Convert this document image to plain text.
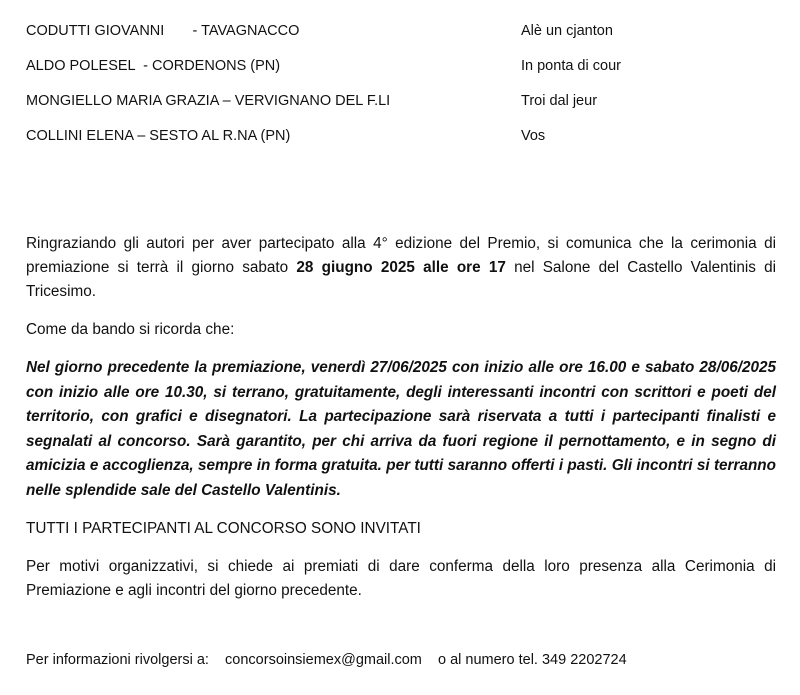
CODUTTI GIOVANNI       - TAVAGNACCO	Alè un cjanton
ALDO POLESEL  - CORDENONS (PN)	In ponta di cour
MONGIELLO MARIA GRAZIA – VERVIGNANO DEL F.LI	Troi dal jeur
COLLINI ELENA – SESTO AL R.NA (PN)	Vos

Ringraziando gli autori per aver partecipato alla 4° edizione del Premio, si comunica che la cerimonia di premiazione si terrà il giorno sabato 28 giugno 2025 alle ore 17 nel Salone del Castello Valentinis di Tricesimo.

Come da bando si ricorda che:

Nel giorno precedente la premiazione, venerdì 27/06/2025 con inizio alle ore 16.00 e sabato 28/06/2025 con inizio alle ore 10.30, si terrano, gratuitamente, degli interessanti incontri con scrittori e poeti del territorio, con grafici e disegnatori. La partecipazione sarà riservata a tutti i partecipanti finalisti e segnalati al concorso. Sarà garantito, per chi arriva da fuori regione il pernottamento, e in segno di amicizia e accoglienza, sempre in forma gratuita. per tutti saranno offerti i pasti. Gli incontri si terranno nelle splendide sale del Castello Valentinis.

TUTTI I PARTECIPANTI AL CONCORSO SONO INVITATI

Per motivi organizzativi, si chiede ai premiati di dare conferma della loro presenza alla Cerimonia di Premiazione e agli incontri del giorno precedente.

Per informazioni rivolgersi a:    concorsoinsiemex@gmail.com    o al numero tel. 349 2202724
